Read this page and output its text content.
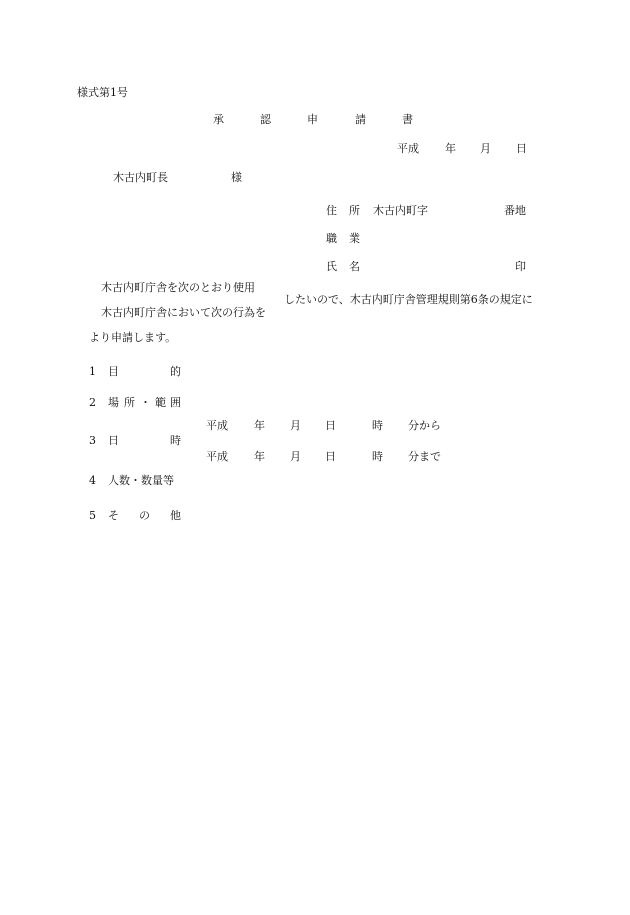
様式第1号
承	認	申	請	書
平成 年 月 日
木古内町長	様
住 所 木古内町字	番地
職 業
氏 名	印
木古内町庁舎を次のとおり使用
木古内町庁舎において次の行為を
したいので、木古内町庁舎管理規則第6条の規定に
より申請します。
1 目	的
2 場 所 ・ 範 囲
3 日	時
平成 年 月 日	時 分から
平成 年 月 日	時 分まで
4 人数・数量等
5 そ の 他
